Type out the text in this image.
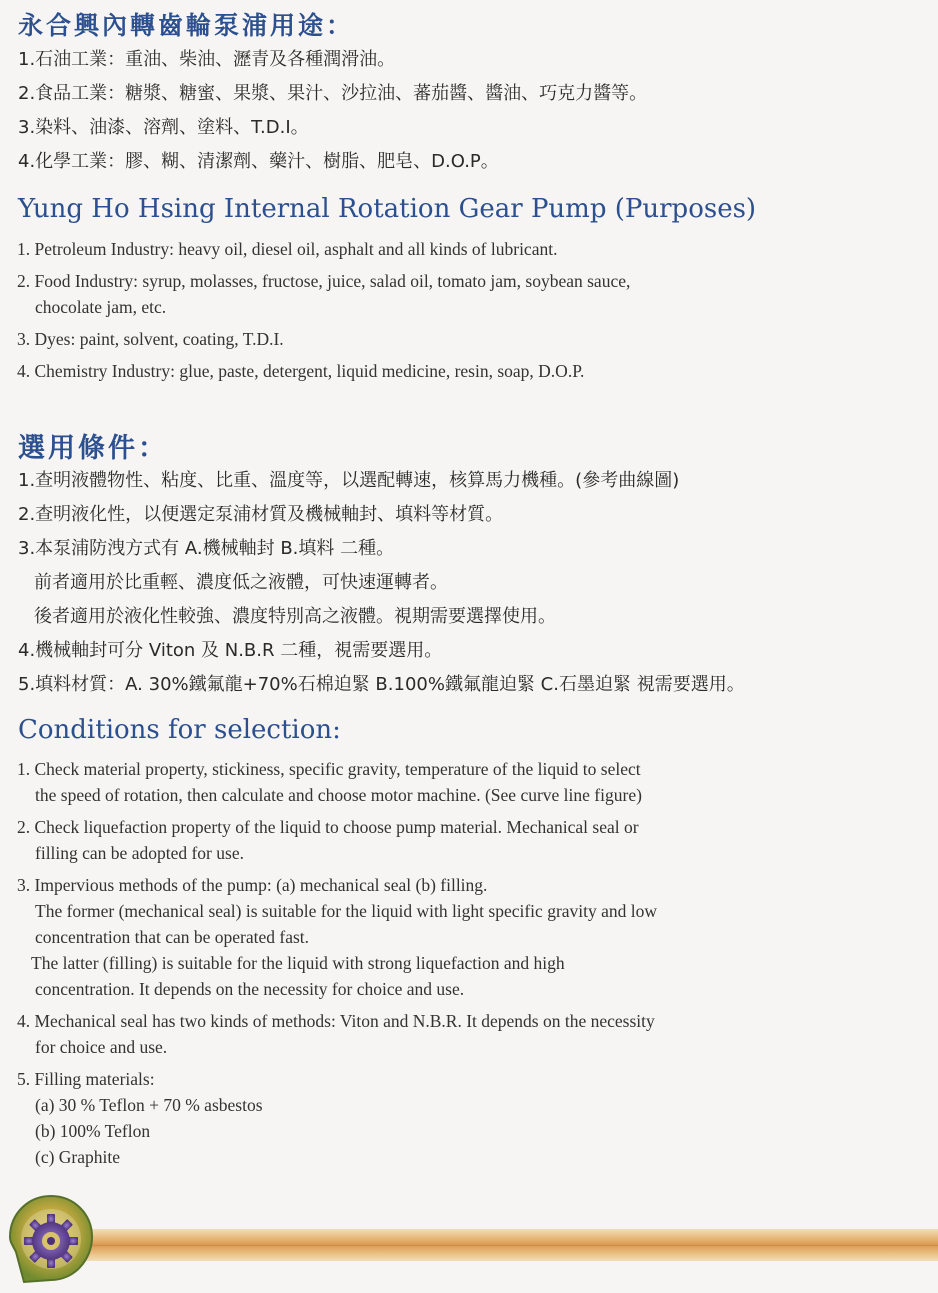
永合興內轉齒輪泵浦用途：
1.石油工業：重油、柴油、瀝青及各種潤滑油。
2.食品工業：糖漿、糖蜜、果漿、果汁、沙拉油、蕃茄醬、醬油、巧克力醬等。
3.染料、油漆、溶劑、塗料、T.D.I。
4.化學工業：膠、糊、清潔劑、藥汁、樹脂、肥皂、D.O.P。
Yung Ho Hsing Internal Rotation Gear Pump (Purposes)
1. Petroleum Industry: heavy oil, diesel oil, asphalt and all kinds of lubricant.
2. Food Industry: syrup, molasses, fructose, juice, salad oil, tomato jam, soybean sauce,
chocolate jam, etc.
3. Dyes: paint, solvent, coating, T.D.I.
4. Chemistry Industry: glue, paste, detergent, liquid medicine, resin, soap, D.O.P.
選用條件：
1.查明液體物性、粘度、比重、溫度等，以選配轉速，核算馬力機種。(參考曲線圖)
2.查明液化性，以便選定泵浦材質及機械軸封、填料等材質。
3.本泵浦防洩方式有 A.機械軸封 B.填料 二種。
前者適用於比重輕、濃度低之液體，可快速運轉者。
後者適用於液化性較強、濃度特別高之液體。視期需要選擇使用。
4.機械軸封可分 Viton 及 N.B.R 二種，視需要選用。
5.填料材質：A. 30%鐵氟龍+70%石棉迫緊 B.100%鐵氟龍迫緊 C.石墨迫緊 視需要選用。
Conditions for selection:
1. Check material property, stickiness, specific gravity, temperature of the liquid to select
the speed of rotation, then calculate and choose motor machine. (See curve line figure)
2. Check liquefaction property of the liquid to choose pump material. Mechanical seal or
filling can be adopted for use.
3. Impervious methods of the pump: (a) mechanical seal (b) filling.
The former (mechanical seal) is suitable for the liquid with light specific gravity and low
concentration that can be operated fast.
The latter (filling) is suitable for the liquid with strong liquefaction and high
concentration. It depends on the necessity for choice and use.
4. Mechanical seal has two kinds of methods: Viton and N.B.R. It depends on the necessity
for choice and use.
5. Filling materials:
(a) 30 % Teflon + 70 % asbestos
(b) 100% Teflon
(c) Graphite
